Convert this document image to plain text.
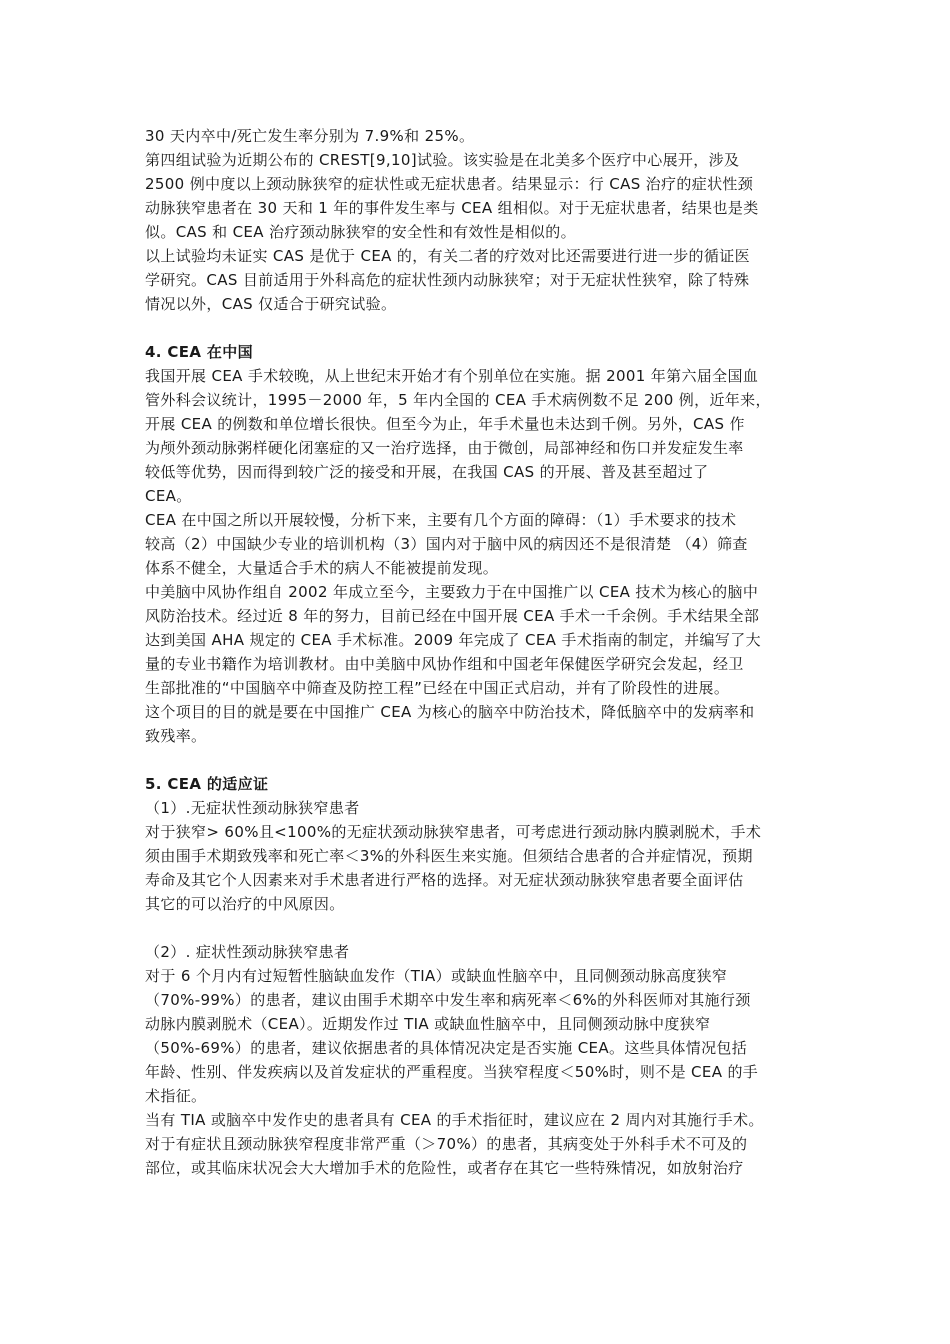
30 天内卒中/死亡发生率分别为 7.9%和 25%。
第四组试验为近期公布的 CREST[9,10]试验。该实验是在北美多个医疗中心展开，涉及
2500 例中度以上颈动脉狭窄的症状性或无症状患者。结果显示：行 CAS 治疗的症状性颈
动脉狭窄患者在 30 天和 1 年的事件发生率与 CEA 组相似。对于无症状患者，结果也是类
似。CAS 和 CEA 治疗颈动脉狭窄的安全性和有效性是相似的。
以上试验均未证实 CAS 是优于 CEA 的，有关二者的疗效对比还需要进行进一步的循证医
学研究。CAS 目前适用于外科高危的症状性颈内动脉狭窄；对于无症状性狭窄，除了特殊
情况以外，CAS 仅适合于研究试验。
4. CEA 在中国
我国开展 CEA 手术较晚，从上世纪末开始才有个别单位在实施。据 2001 年第六届全国血
管外科会议统计，1995－2000 年，5 年内全国的 CEA 手术病例数不足 200 例，近年来，
开展 CEA 的例数和单位增长很快。但至今为止，年手术量也未达到千例。另外，CAS 作
为颅外颈动脉粥样硬化闭塞症的又一治疗选择，由于微创，局部神经和伤口并发症发生率
较低等优势，因而得到较广泛的接受和开展，在我国 CAS 的开展、普及甚至超过了
CEA。
CEA 在中国之所以开展较慢，分析下来，主要有几个方面的障碍：（1）手术要求的技术
较高（2）中国缺少专业的培训机构（3）国内对于脑中风的病因还不是很清楚 （4）筛查
体系不健全，大量适合手术的病人不能被提前发现。
中美脑中风协作组自 2002 年成立至今，主要致力于在中国推广以 CEA 技术为核心的脑中
风防治技术。经过近 8 年的努力，目前已经在中国开展 CEA 手术一千余例。手术结果全部
达到美国 AHA 规定的 CEA 手术标准。2009 年完成了 CEA 手术指南的制定，并编写了大
量的专业书籍作为培训教材。由中美脑中风协作组和中国老年保健医学研究会发起，经卫
生部批准的“中国脑卒中筛查及防控工程”已经在中国正式启动，并有了阶段性的进展。
这个项目的目的就是要在中国推广 CEA 为核心的脑卒中防治技术，降低脑卒中的发病率和
致残率。
5. CEA 的适应证
（1）.无症状性颈动脉狭窄患者
对于狭窄> 60%且<100%的无症状颈动脉狭窄患者，可考虑进行颈动脉内膜剥脱术，手术
须由围手术期致残率和死亡率＜3%的外科医生来实施。但须结合患者的合并症情况，预期
寿命及其它个人因素来对手术患者进行严格的选择。对无症状颈动脉狭窄患者要全面评估
其它的可以治疗的中风原因。
（2）. 症状性颈动脉狭窄患者
对于 6 个月内有过短暂性脑缺血发作（TIA）或缺血性脑卒中，且同侧颈动脉高度狭窄
（70%-99%）的患者，建议由围手术期卒中发生率和病死率＜6%的外科医师对其施行颈
动脉内膜剥脱术（CEA）。近期发作过 TIA 或缺血性脑卒中，且同侧颈动脉中度狭窄
（50%-69%）的患者，建议依据患者的具体情况决定是否实施 CEA。这些具体情况包括
年龄、性别、伴发疾病以及首发症状的严重程度。当狭窄程度＜50%时，则不是 CEA 的手
术指征。
当有 TIA 或脑卒中发作史的患者具有 CEA 的手术指征时，建议应在 2 周内对其施行手术。
对于有症状且颈动脉狭窄程度非常严重（＞70%）的患者，其病变处于外科手术不可及的
部位，或其临床状况会大大增加手术的危险性，或者存在其它一些特殊情况，如放射治疗
